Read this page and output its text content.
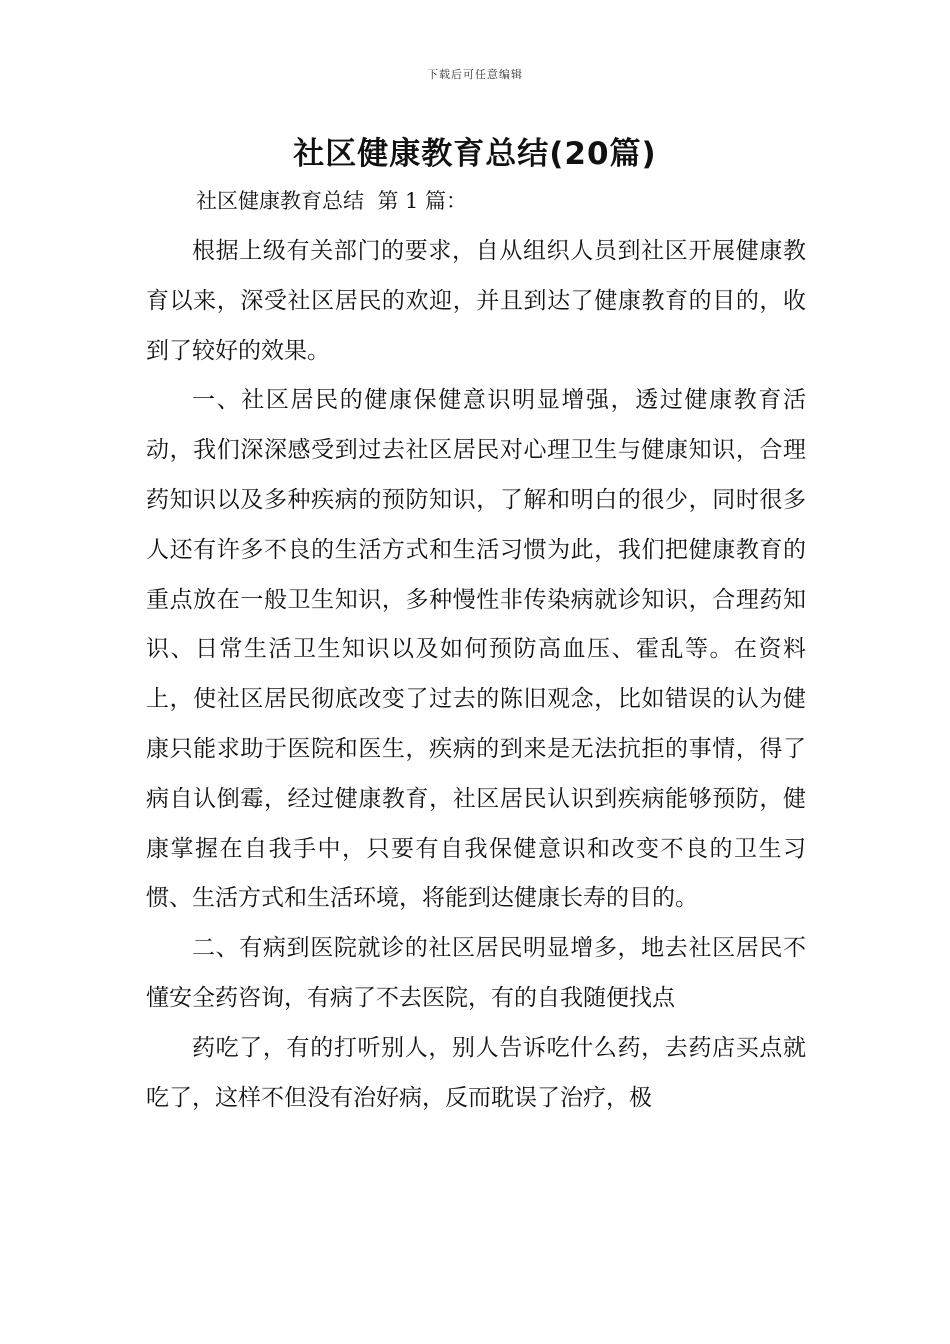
下载后可任意编辑
社区健康教育总结(20篇)
社区健康教育总结  第 1 篇：

根据上级有关部门的要求，自从组织人员到社区开展健康教育以来，深受社区居民的欢迎，并且到达了健康教育的目的，收到了较好的效果。

一、社区居民的健康保健意识明显增强，透过健康教育活动，我们深深感受到过去社区居民对心理卫生与健康知识，合理药知识以及多种疾病的预防知识，了解和明白的很少，同时很多人还有许多不良的生活方式和生活习惯为此，我们把健康教育的重点放在一般卫生知识，多种慢性非传染病就诊知识，合理药知识、日常生活卫生知识以及如何预防高血压、霍乱等。在资料上，使社区居民彻底改变了过去的陈旧观念，比如错误的认为健康只能求助于医院和医生，疾病的到来是无法抗拒的事情，得了病自认倒霉，经过健康教育，社区居民认识到疾病能够预防，健康掌握在自我手中，只要有自我保健意识和改变不良的卫生习惯、生活方式和生活环境，将能到达健康长寿的目的。

二、有病到医院就诊的社区居民明显增多，地去社区居民不懂安全药咨询，有病了不去医院，有的自我随便找点

药吃了，有的打听别人，别人告诉吃什么药，去药店买点就吃了，这样不但没有治好病，反而耽误了治疗，极
